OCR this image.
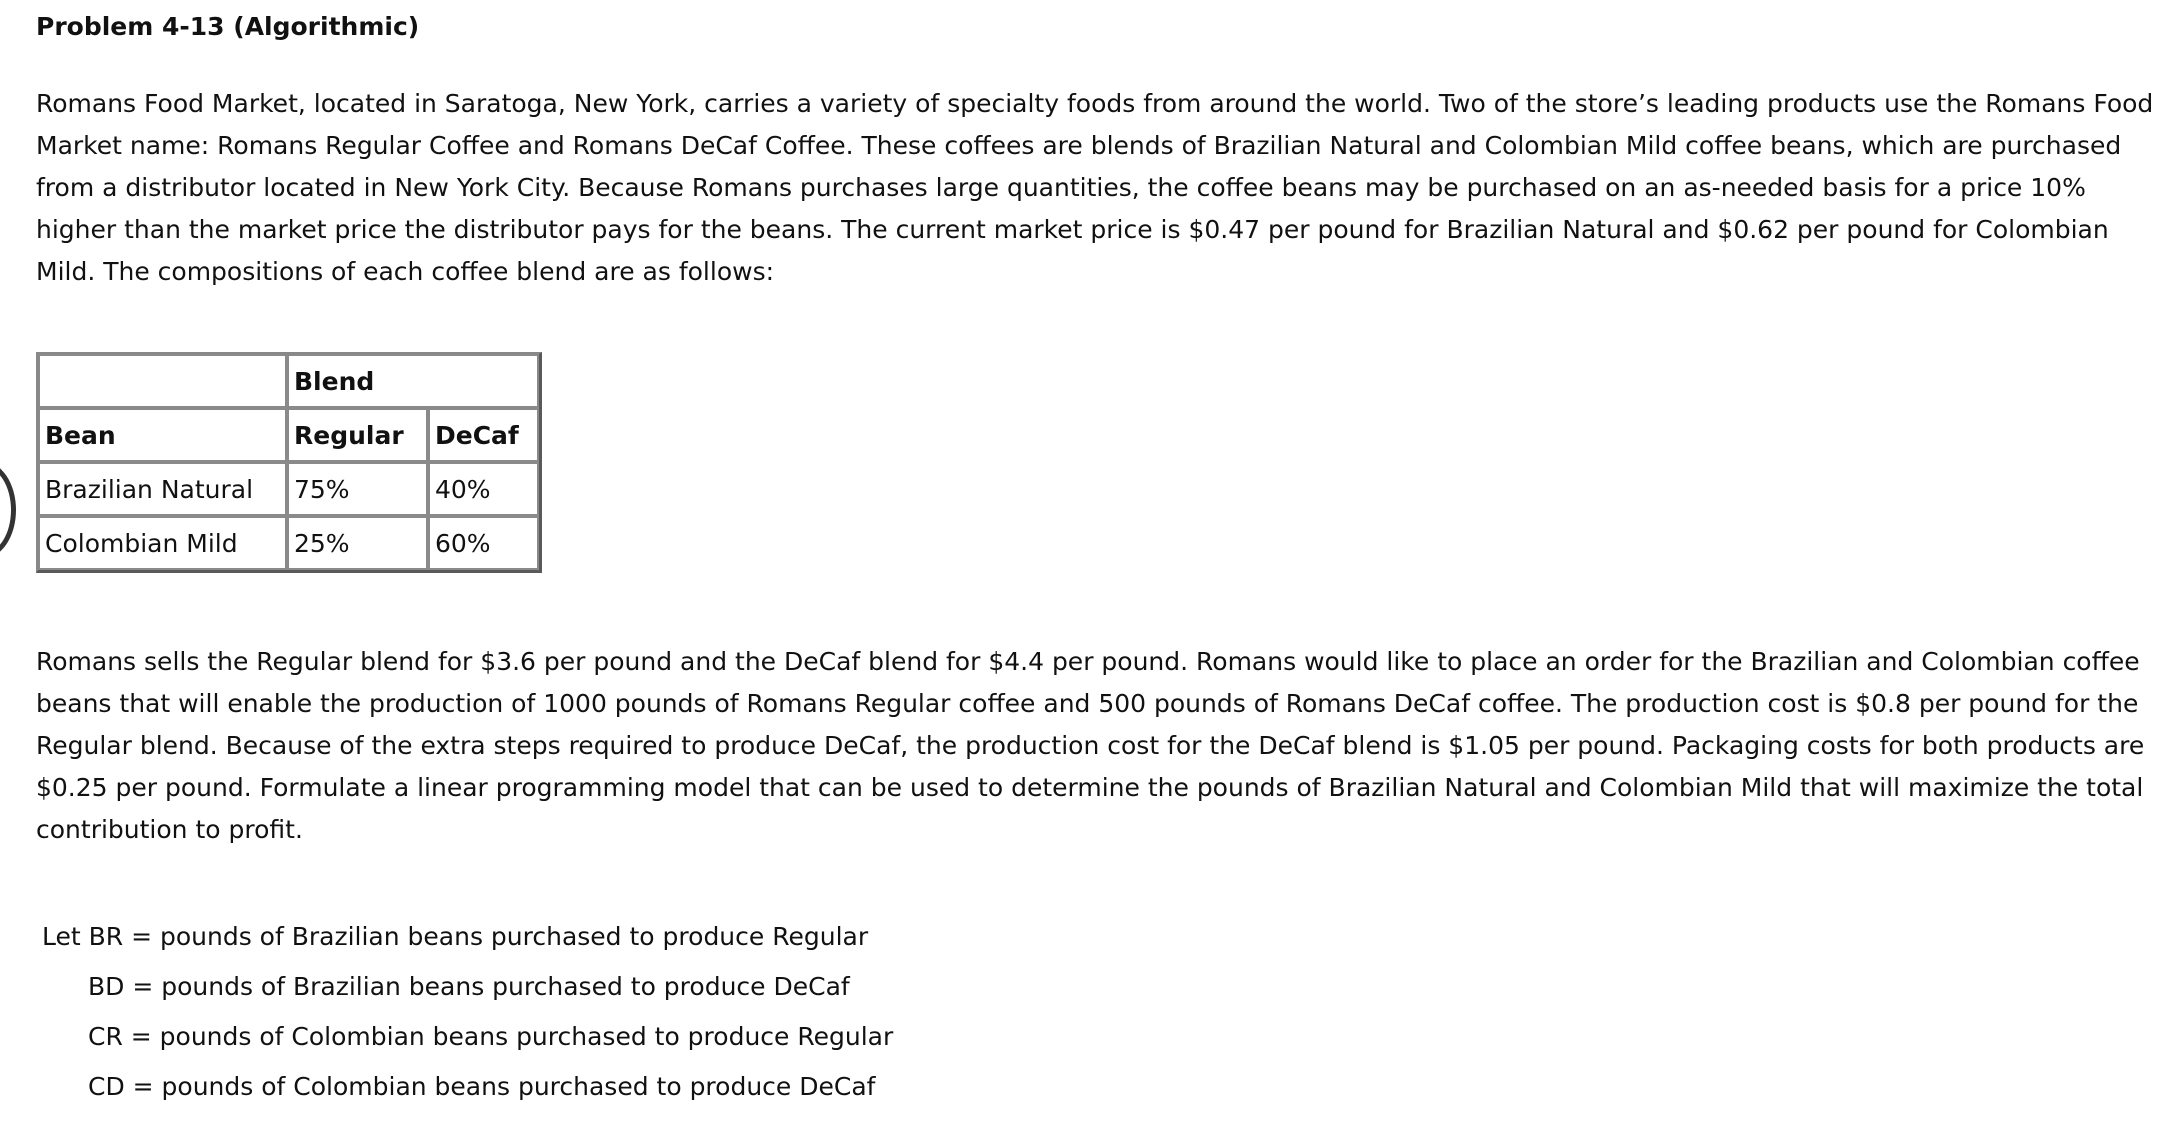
Problem 4-13 (Algorithmic)

Romans Food Market, located in Saratoga, New York, carries a variety of specialty foods from around the world. Two of the store’s leading products use the Romans Food Market name: Romans Regular Coffee and Romans DeCaf Coffee. These coffees are blends of Brazilian Natural and Colombian Mild coffee beans, which are purchased from a distributor located in New York City. Because Romans purchases large quantities, the coffee beans may be purchased on an as-needed basis for a price 10% higher than the market price the distributor pays for the beans. The current market price is $0.47 per pound for Brazilian Natural and $0.62 per pound for Colombian Mild. The compositions of each coffee blend are as follows:

	Blend	
Bean	Regular	DeCaf
Brazilian Natural	75%	40%
Colombian Mild	25%	60%

Romans sells the Regular blend for $3.6 per pound and the DeCaf blend for $4.4 per pound. Romans would like to place an order for the Brazilian and Colombian coffee beans that will enable the production of 1000 pounds of Romans Regular coffee and 500 pounds of Romans DeCaf coffee. The production cost is $0.8 per pound for the Regular blend. Because of the extra steps required to produce DeCaf, the production cost for the DeCaf blend is $1.05 per pound. Packaging costs for both products are $0.25 per pound. Formulate a linear programming model that can be used to determine the pounds of Brazilian Natural and Colombian Mild that will maximize the total contribution to profit.

Let BR = pounds of Brazilian beans purchased to produce Regular
BD = pounds of Brazilian beans purchased to produce DeCaf
CR = pounds of Colombian beans purchased to produce Regular
CD = pounds of Colombian beans purchased to produce DeCaf
